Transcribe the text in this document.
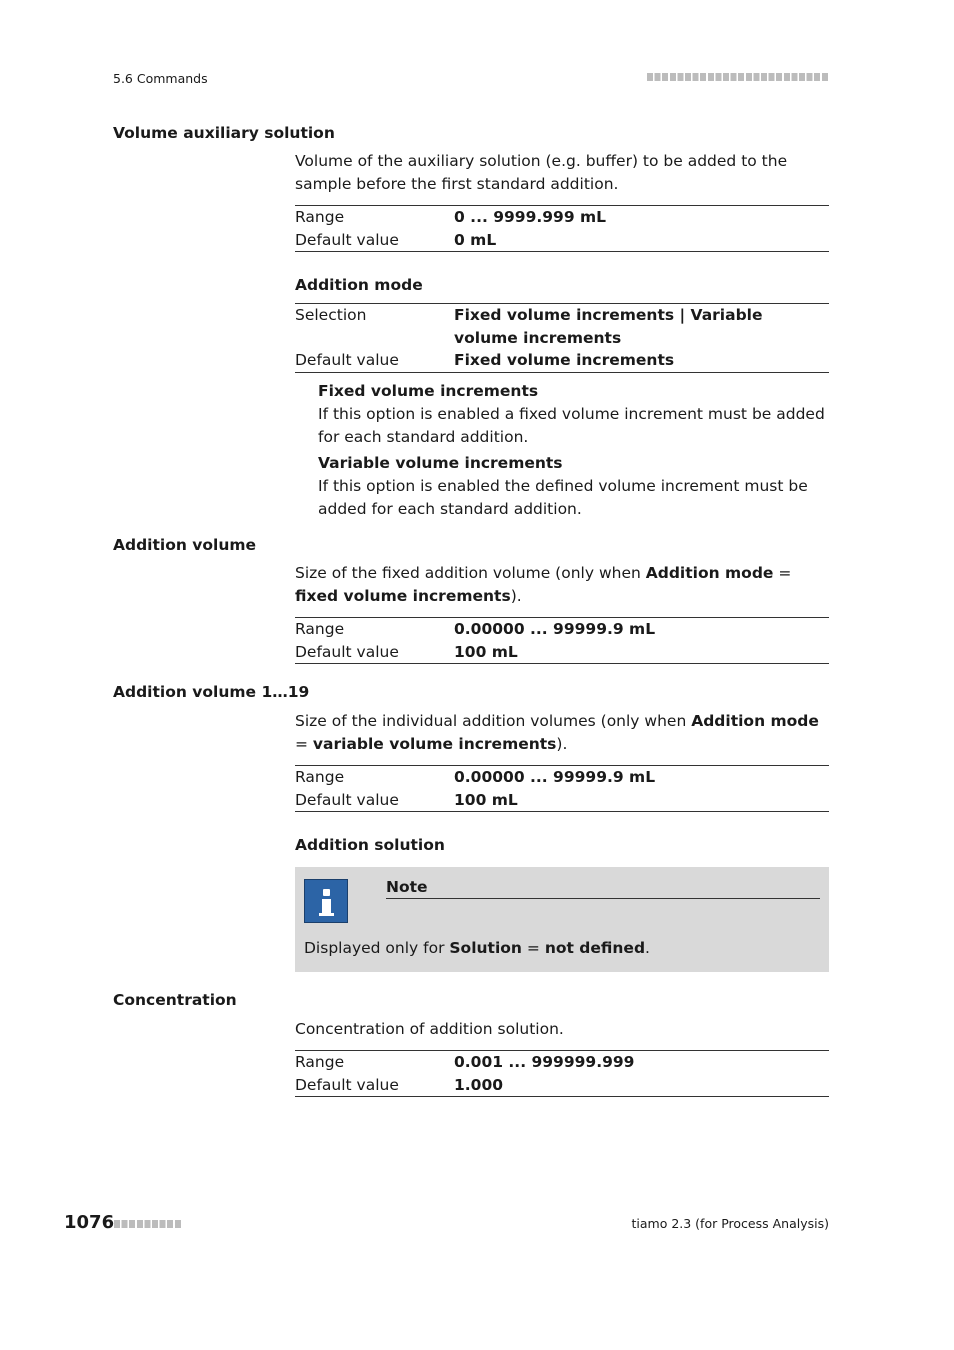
5.6 Commands
Volume auxiliary solution
Volume of the auxiliary solution (e.g. buffer) to be added to the sample before the first standard addition.
Range	0 ... 9999.999 mL
Default value	0 mL
Addition mode
Selection	Fixed volume increments | Variable volume increments
Default value	Fixed volume increments
Fixed volume increments
If this option is enabled a fixed volume increment must be added for each standard addition.
Variable volume increments
If this option is enabled the defined volume increment must be added for each standard addition.
Addition volume
Size of the fixed addition volume (only when Addition mode = fixed volume increments).
Range	0.00000 ... 99999.9 mL
Default value	100 mL
Addition volume 1…19
Size of the individual addition volumes (only when Addition mode = variable volume increments).
Range	0.00000 ... 99999.9 mL
Default value	100 mL
Addition solution
Note
Displayed only for Solution = not defined.
Concentration
Concentration of addition solution.
Range	0.001 ... 999999.999
Default value	1.000
1076	tiamo 2.3 (for Process Analysis)
